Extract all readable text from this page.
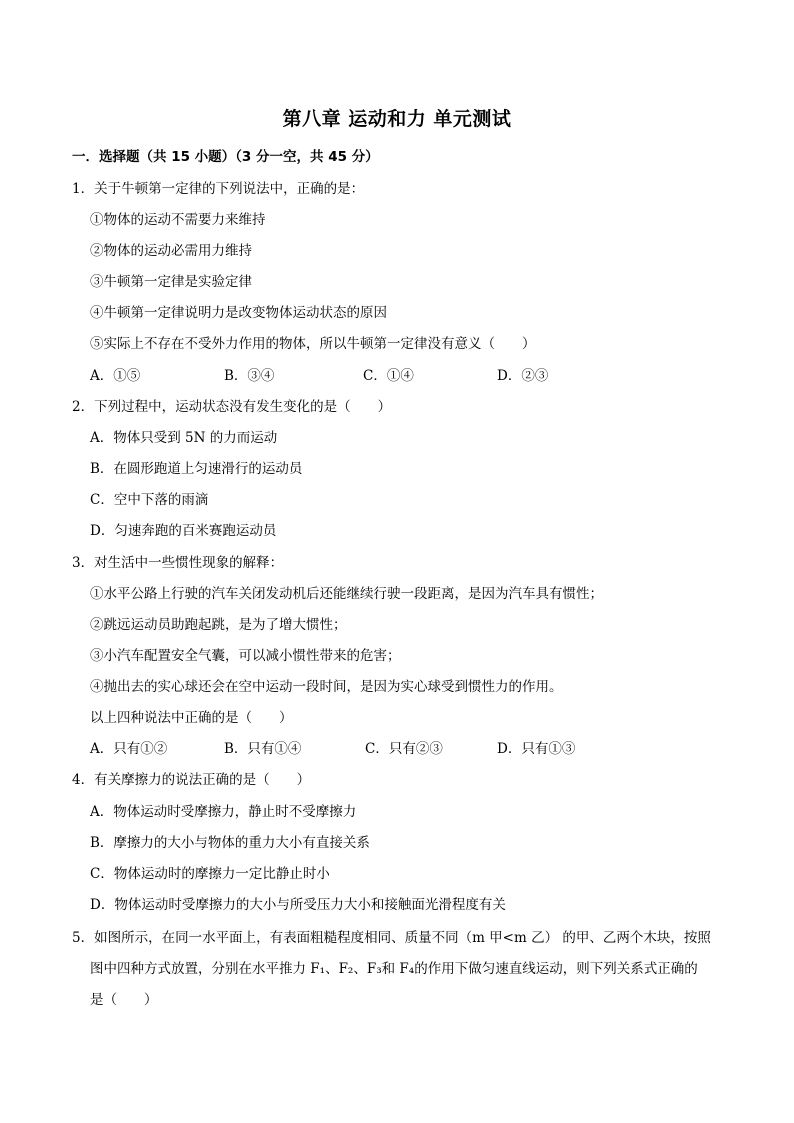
第八章 运动和力 单元测试
一．选择题（共 15 小题）（3 分一空，共 45 分）
1．关于牛顿第一定律的下列说法中，正确的是：
①物体的运动不需要力来维持
②物体的运动必需用力维持
③牛顿第一定律是实验定律
④牛顿第一定律说明力是改变物体运动状态的原因
⑤实际上不存在不受外力作用的物体，所以牛顿第一定律没有意义（　　）
A．①⑤	B．③④	C．①④	D．②③
2．下列过程中，运动状态没有发生变化的是（　　）
A．物体只受到 5N 的力而运动
B．在圆形跑道上匀速滑行的运动员
C．空中下落的雨滴
D．匀速奔跑的百米赛跑运动员
3．对生活中一些惯性现象的解释：
①水平公路上行驶的汽车关闭发动机后还能继续行驶一段距离，是因为汽车具有惯性；
②跳远运动员助跑起跳，是为了增大惯性；
③小汽车配置安全气囊，可以减小惯性带来的危害；
④抛出去的实心球还会在空中运动一段时间，是因为实心球受到惯性力的作用。
以上四种说法中正确的是（　　）
A．只有①②	B．只有①④	C．只有②③	D．只有①③
4．有关摩擦力的说法正确的是（　　）
A．物体运动时受摩擦力，静止时不受摩擦力
B．摩擦力的大小与物体的重力大小有直接关系
C．物体运动时的摩擦力一定比静止时小
D．物体运动时受摩擦力的大小与所受压力大小和接触面光滑程度有关
5．如图所示，在同一水平面上，有表面粗糙程度相同、质量不同（m 甲<m 乙） 的甲、乙两个木块，按照
图中四种方式放置，分别在水平推力 F₁、F₂、F₃和 F₄的作用下做匀速直线运动，则下列关系式正确的
是（　　）
